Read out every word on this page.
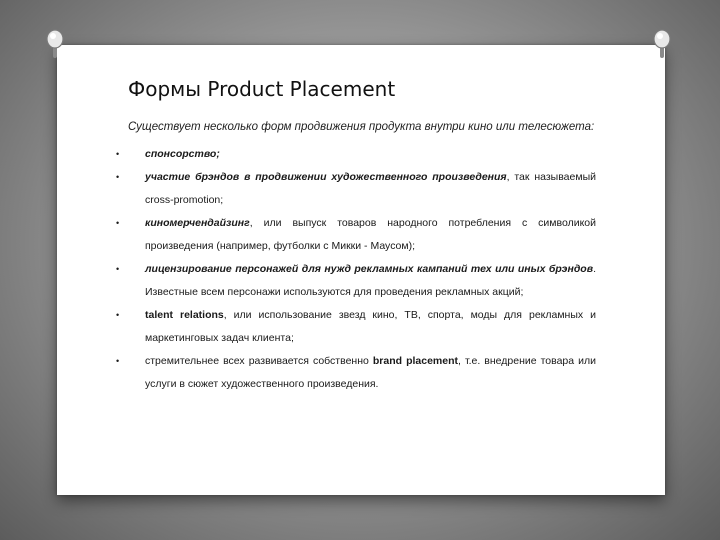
Формы Product Placement

Существует несколько форм продвижения продукта внутри кино или телесюжета:

•	спонсорство;
•	участие брэндов в продвижении художественного произведения, так называемый cross-promotion;
•	киномерчендайзинг, или выпуск товаров народного потребления с символикой произведения (например, футболки с Микки - Маусом);
•	лицензирование персонажей для нужд рекламных кампаний тех или иных брэндов. Известные всем персонажи используются для проведения рекламных акций;
•	talent relations, или использование звезд кино, ТВ, спорта, моды для рекламных и маркетинговых задач клиента;
•	стремительнее всех развивается собственно brand placement, т.е. внедрение товара или услуги в сюжет художественного произведения.
